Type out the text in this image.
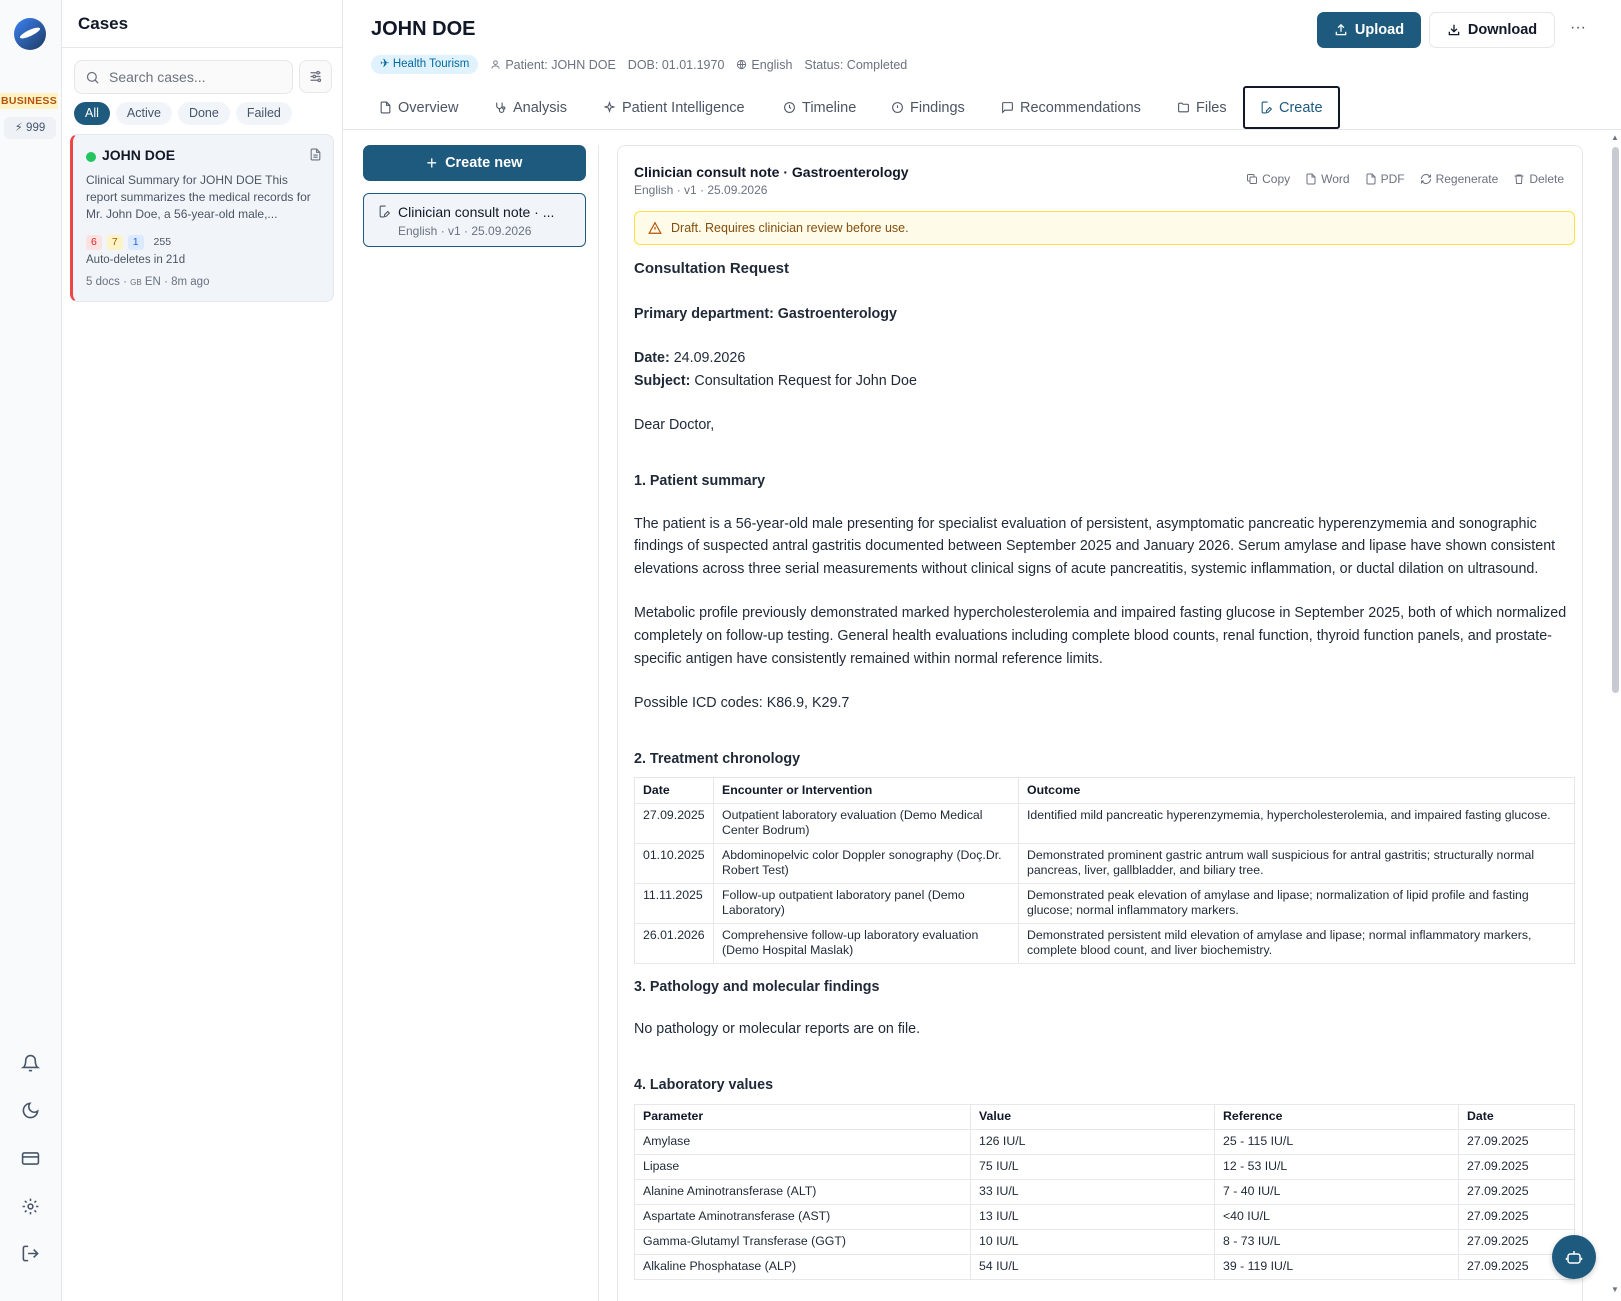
BUSINESS
⚡ 999
Cases
Search cases...
All	Active	Done	Failed
JOHN DOE
Clinical Summary for JOHN DOE This report summarizes the medical records for Mr. John Doe, a 56-year-old male,...
6	7	1	255
Auto-deletes in 21d
5 docs · GB EN · 8m ago
JOHN DOE
✈ Health Tourism	Patient: JOHN DOE DOB: 01.01.1970 English Status: Completed
Upload	Download	···
Overview	Analysis	Patient Intelligence	Timeline	Findings	Recommendations	Files	Create
+ Create new
Clinician consult note · ...
English · v1 · 25.09.2026
Clinician consult note · Gastroenterology
English · v1 · 25.09.2026
Copy	Word	PDF	Regenerate	Delete
Draft. Requires clinician review before use.

Consultation Request

Primary department: Gastroenterology

Date: 24.09.2026

Subject: Consultation Request for John Doe

Dear Doctor,

1. Patient summary

The patient is a 56-year-old male presenting for specialist evaluation of persistent, asymptomatic pancreatic hyperenzymemia and sonographic findings of suspected antral gastritis documented between September 2025 and January 2026. Serum amylase and lipase have shown consistent elevations across three serial measurements without clinical signs of acute pancreatitis, systemic inflammation, or ductal dilation on ultrasound.

Metabolic profile previously demonstrated marked hypercholesterolemia and impaired fasting glucose in September 2025, both of which normalized completely on follow-up testing. General health evaluations including complete blood counts, renal function, thyroid function panels, and prostate-specific antigen have consistently remained within normal reference limits.

Possible ICD codes: K86.9, K29.7

2. Treatment chronology

Date	Encounter or Intervention	Outcome
27.09.2025	Outpatient laboratory evaluation (Demo Medical Center Bodrum)	Identified mild pancreatic hyperenzymemia, hypercholesterolemia, and impaired fasting glucose.
01.10.2025	Abdominopelvic color Doppler sonography (Doç.Dr. Robert Test)	Demonstrated prominent gastric antrum wall suspicious for antral gastritis; structurally normal pancreas, liver, gallbladder, and biliary tree.
11.11.2025	Follow-up outpatient laboratory panel (Demo Laboratory)	Demonstrated peak elevation of amylase and lipase; normalization of lipid profile and fasting glucose; normal inflammatory markers.
26.01.2026	Comprehensive follow-up laboratory evaluation (Demo Hospital Maslak)	Demonstrated persistent mild elevation of amylase and lipase; normal inflammatory markers, complete blood count, and liver biochemistry.

3. Pathology and molecular findings

No pathology or molecular reports are on file.

4. Laboratory values

Parameter	Value	Reference	Date
Amylase	126 IU/L	25 - 115 IU/L	27.09.2025
Lipase	75 IU/L	12 - 53 IU/L	27.09.2025
Alanine Aminotransferase (ALT)	33 IU/L	7 - 40 IU/L	27.09.2025
Aspartate Aminotransferase (AST)	13 IU/L	<40 IU/L	27.09.2025
Gamma-Glutamyl Transferase (GGT)	10 IU/L	8 - 73 IU/L	27.09.2025
Alkaline Phosphatase (ALP)	54 IU/L	39 - 119 IU/L	27.09.2025
▲
▼
